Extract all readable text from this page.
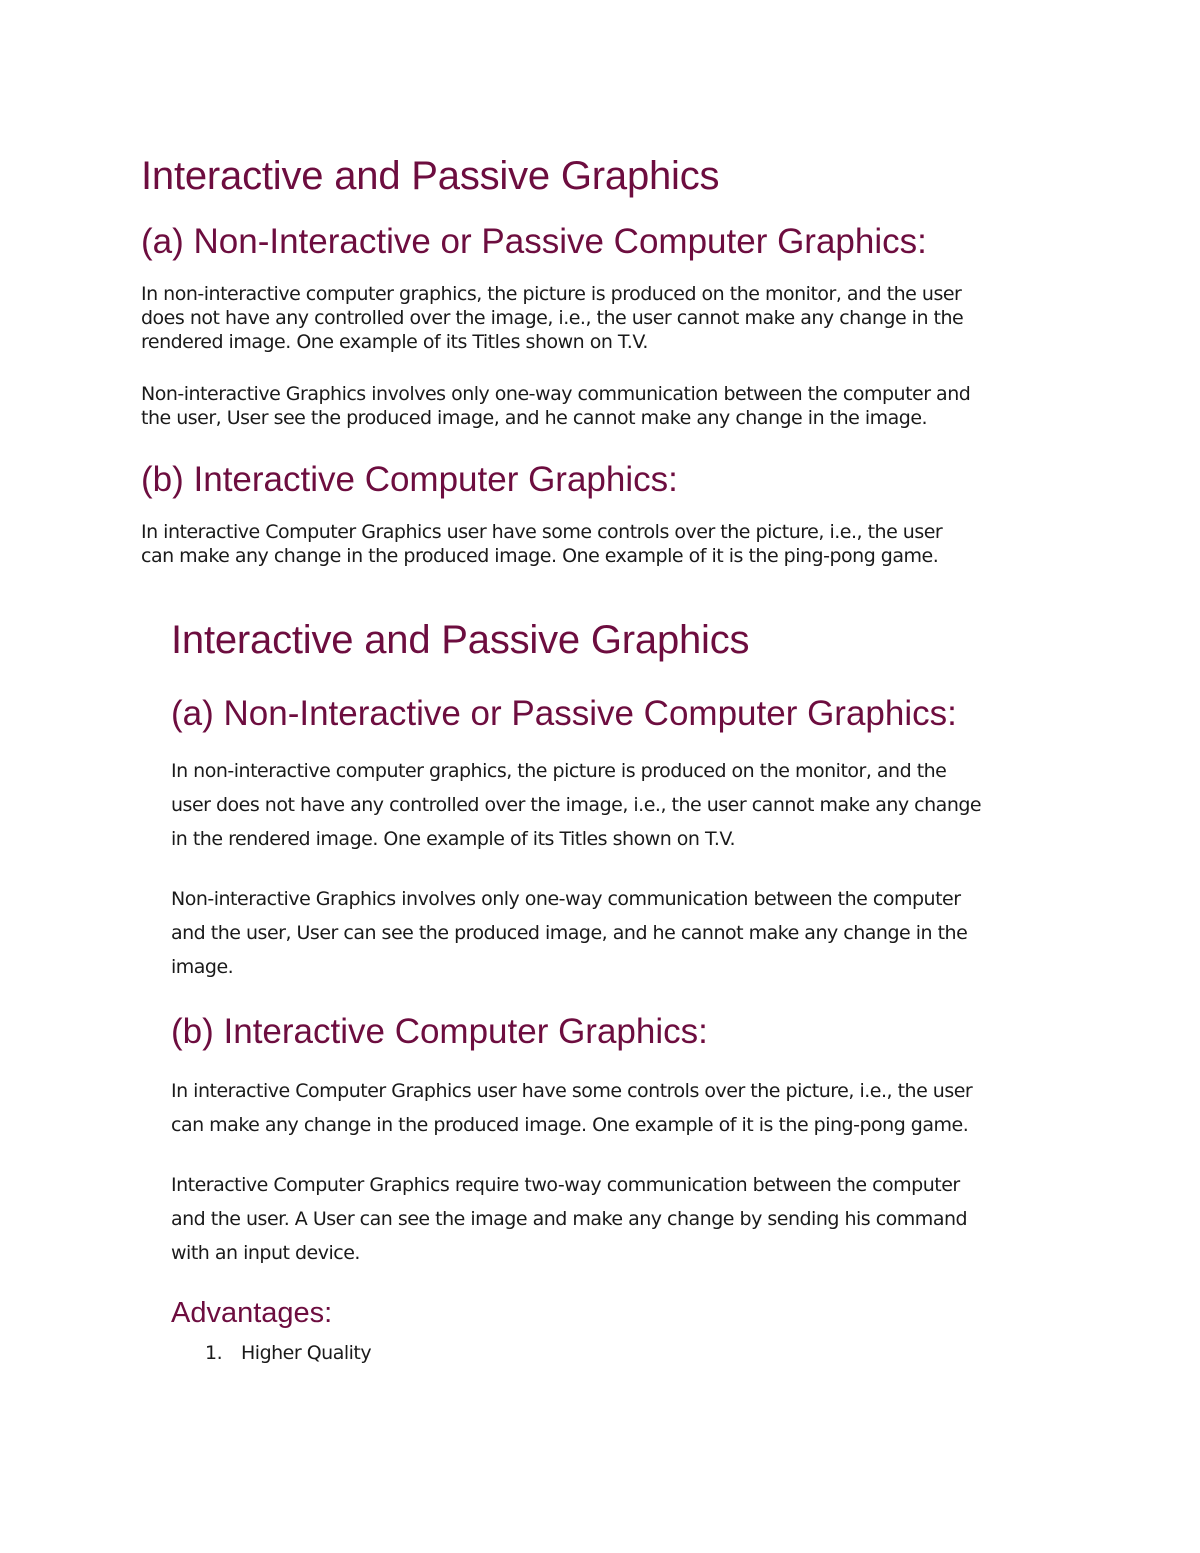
Interactive and Passive Graphics
(a) Non-Interactive or Passive Computer Graphics:

In non-interactive computer graphics, the picture is produced on the monitor, and the user
does not have any controlled over the image, i.e., the user cannot make any change in the
rendered image. One example of its Titles shown on T.V.

Non-interactive Graphics involves only one-way communication between the computer and
the user, User see the produced image, and he cannot make any change in the image.

(b) Interactive Computer Graphics:

In interactive Computer Graphics user have some controls over the picture, i.e., the user
can make any change in the produced image. One example of it is the ping-pong game.

Interactive and Passive Graphics
(a) Non-Interactive or Passive Computer Graphics:

In non-interactive computer graphics, the picture is produced on the monitor, and the
user does not have any controlled over the image, i.e., the user cannot make any change
in the rendered image. One example of its Titles shown on T.V.

Non-interactive Graphics involves only one-way communication between the computer
and the user, User can see the produced image, and he cannot make any change in the
image.

(b) Interactive Computer Graphics:

In interactive Computer Graphics user have some controls over the picture, i.e., the user
can make any change in the produced image. One example of it is the ping-pong game.

Interactive Computer Graphics require two-way communication between the computer
and the user. A User can see the image and make any change by sending his command
with an input device.

Advantages:
1. Higher Quality
